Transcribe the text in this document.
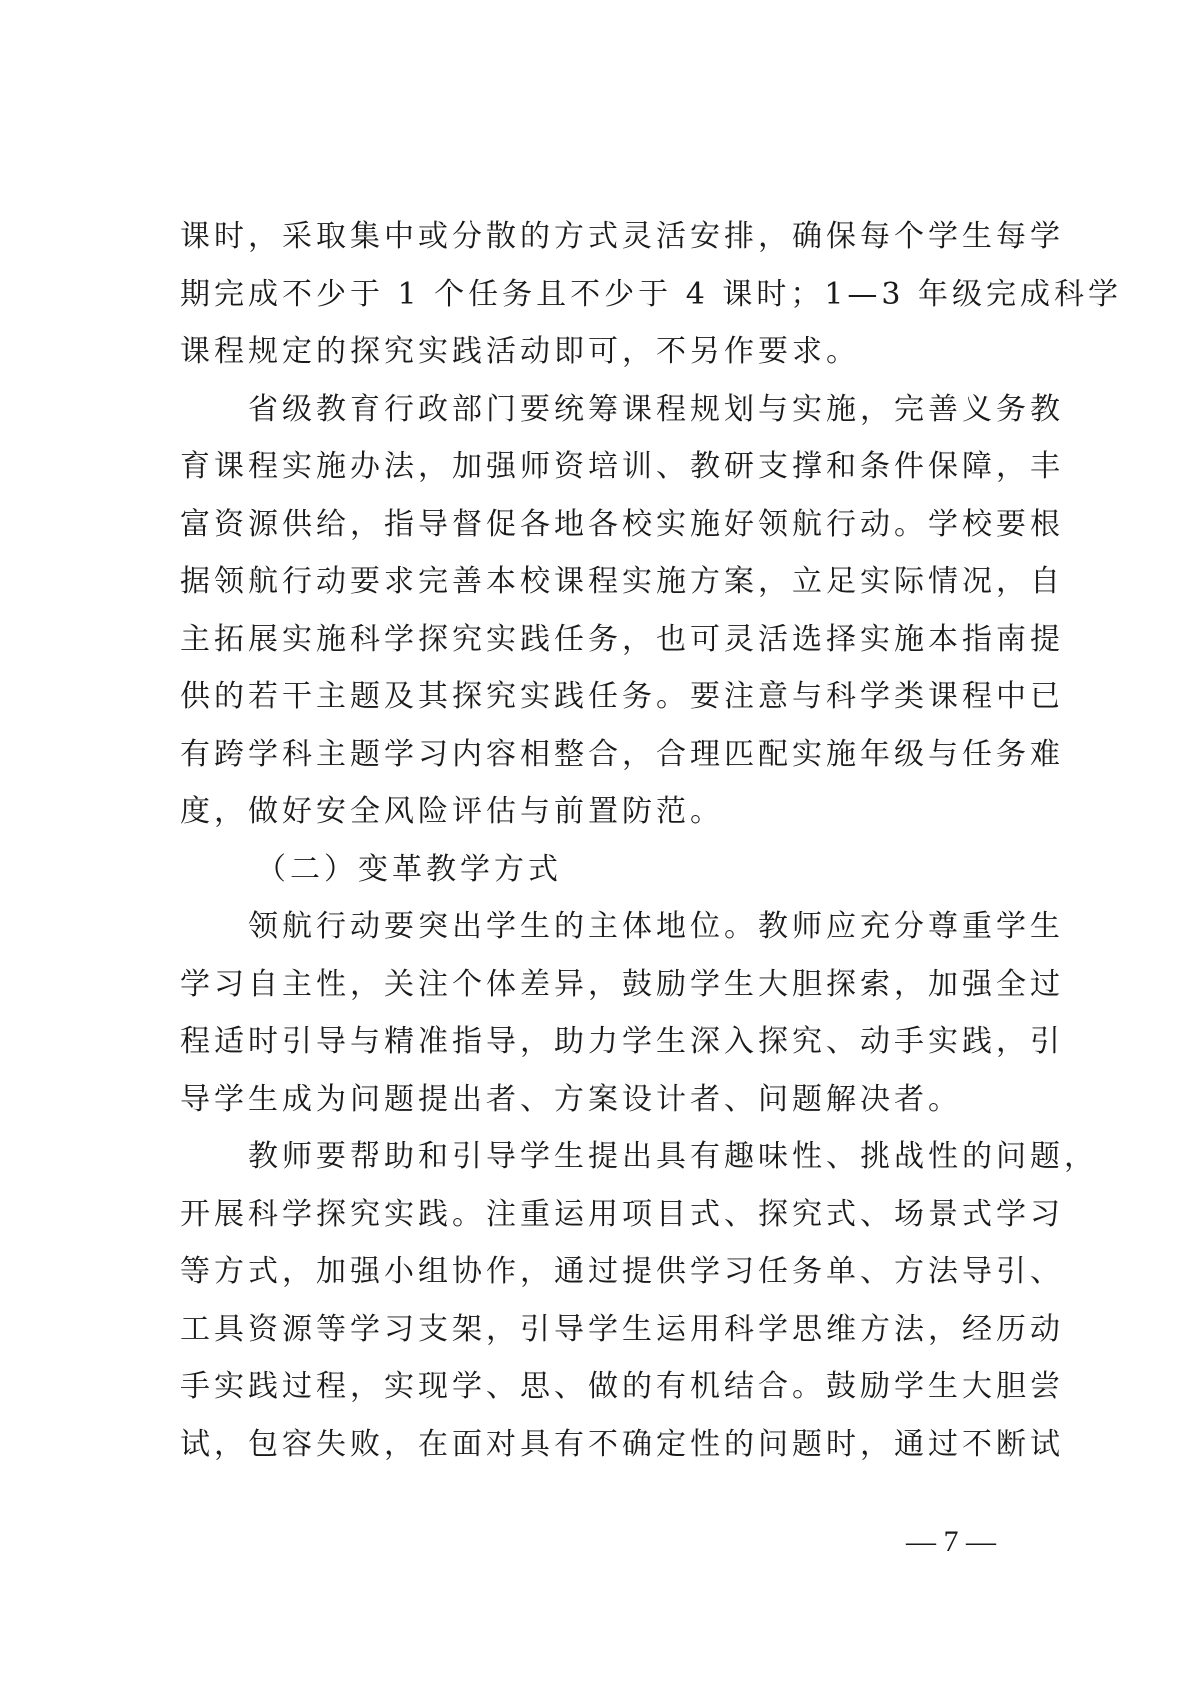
课时，采取集中或分散的方式灵活安排，确保每个学生每学
期完成不少于 1 个任务且不少于 4 课时；1—3 年级完成科学
课程规定的探究实践活动即可，不另作要求。
省级教育行政部门要统筹课程规划与实施，完善义务教
育课程实施办法，加强师资培训、教研支撑和条件保障，丰
富资源供给，指导督促各地各校实施好领航行动。学校要根
据领航行动要求完善本校课程实施方案，立足实际情况，自
主拓展实施科学探究实践任务，也可灵活选择实施本指南提
供的若干主题及其探究实践任务。要注意与科学类课程中已
有跨学科主题学习内容相整合，合理匹配实施年级与任务难
度，做好安全风险评估与前置防范。
（二）变革教学方式
领航行动要突出学生的主体地位。教师应充分尊重学生
学习自主性，关注个体差异，鼓励学生大胆探索，加强全过
程适时引导与精准指导，助力学生深入探究、动手实践，引
导学生成为问题提出者、方案设计者、问题解决者。
教师要帮助和引导学生提出具有趣味性、挑战性的问题，
开展科学探究实践。注重运用项目式、探究式、场景式学习
等方式，加强小组协作，通过提供学习任务单、方法导引、
工具资源等学习支架，引导学生运用科学思维方法，经历动
手实践过程，实现学、思、做的有机结合。鼓励学生大胆尝
试，包容失败，在面对具有不确定性的问题时，通过不断试
— 7 —
